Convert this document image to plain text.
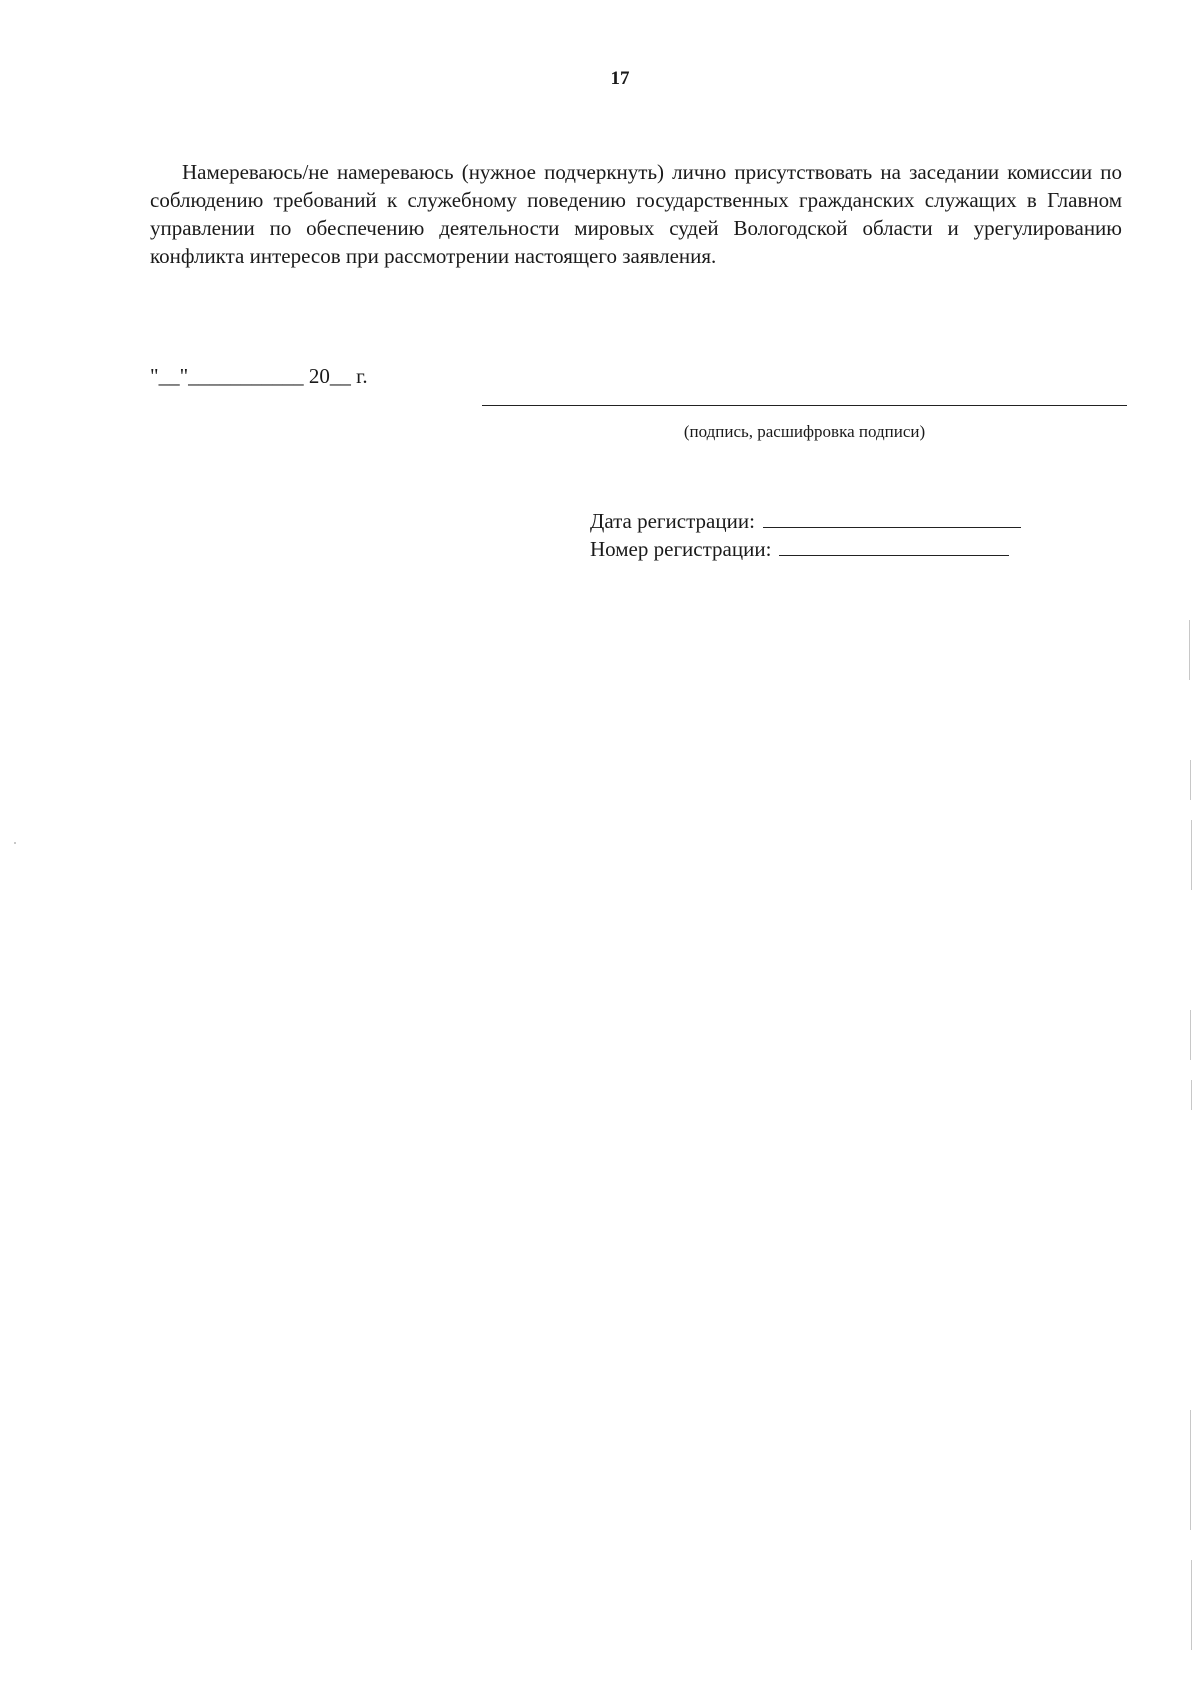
17

Намереваюсь/не намереваюсь (нужное подчеркнуть) лично присутствовать на заседании комиссии по соблюдению требований к служебному поведению государственных гражданских служащих в Главном управлении по обеспечению деятельности мировых судей Вологодской области и урегулированию конфликта интересов при рассмотрении настоящего заявления.

"__"___________ 20__ г.
(подпись, расшифровка подписи)
Дата регистрации:
Номер регистрации:
